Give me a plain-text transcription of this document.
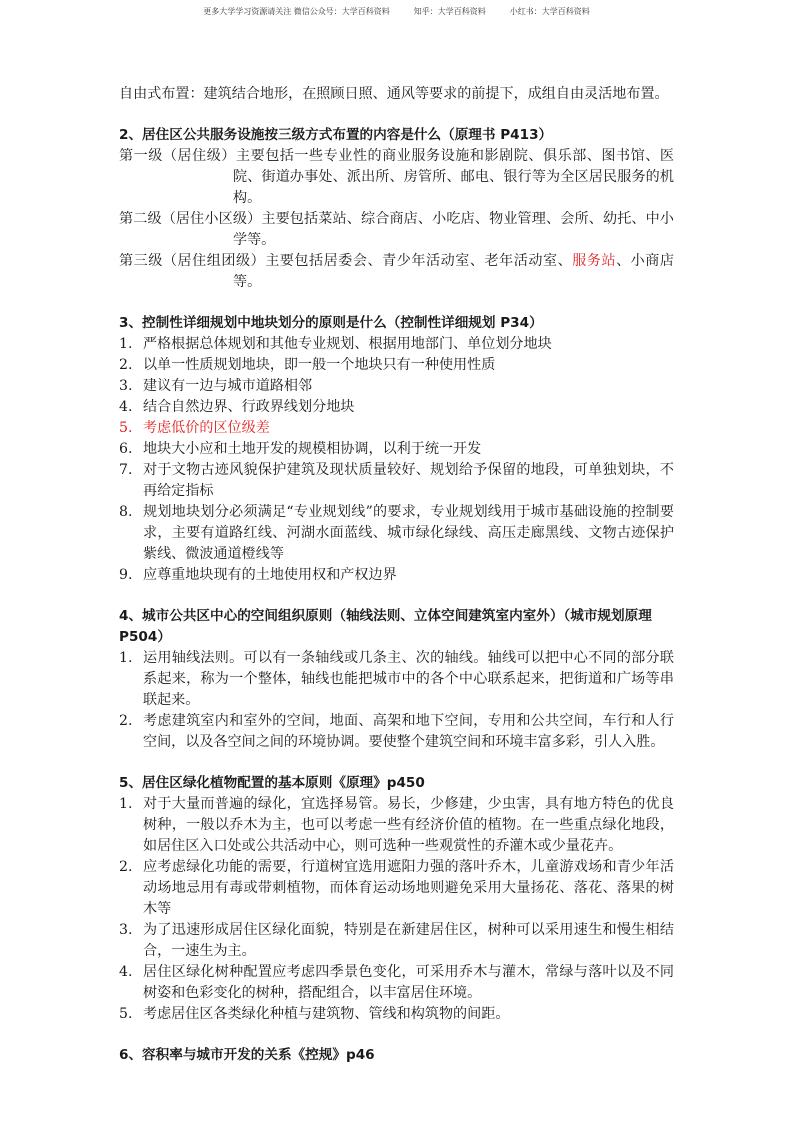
更多大学学习资源请关注 微信公众号：大学百科资料	知乎：大学百科资料	小红书：大学百科资料
自由式布置：建筑结合地形，在照顾日照、通风等要求的前提下，成组自由灵活地布置。
2、居住区公共服务设施按三级方式布置的内容是什么（原理书 P413）
第一级（居住级）主要包括一些专业性的商业服务设施和影剧院、俱乐部、图书馆、医院、街道办事处、派出所、房管所、邮电、银行等为全区居民服务的机构。
第二级（居住小区级）主要包括菜站、综合商店、小吃店、物业管理、会所、幼托、中小学等。
第三级（居住组团级）主要包括居委会、青少年活动室、老年活动室、服务站、小商店等。
3、控制性详细规划中地块划分的原则是什么（控制性详细规划 P34）
1. 严格根据总体规划和其他专业规划、根据用地部门、单位划分地块
2. 以单一性质规划地块，即一般一个地块只有一种使用性质
3. 建议有一边与城市道路相邻
4. 结合自然边界、行政界线划分地块
5. 考虑低价的区位级差
6. 地块大小应和土地开发的规模相协调，以利于统一开发
7. 对于文物古迹风貌保护建筑及现状质量较好、规划给予保留的地段，可单独划块，不再给定指标
8. 规划地块划分必须满足“专业规划线”的要求，专业规划线用于城市基础设施的控制要求，主要有道路红线、河湖水面蓝线、城市绿化绿线、高压走廊黑线、文物古迹保护紫线、微波通道橙线等
9. 应尊重地块现有的土地使用权和产权边界
4、城市公共区中心的空间组织原则（轴线法则、立体空间建筑室内室外）（城市规划原理 P504）
1. 运用轴线法则。可以有一条轴线或几条主、次的轴线。轴线可以把中心不同的部分联系起来，称为一个整体，轴线也能把城市中的各个中心联系起来，把街道和广场等串联起来。
2. 考虑建筑室内和室外的空间，地面、高架和地下空间，专用和公共空间，车行和人行空间，以及各空间之间的环境协调。要使整个建筑空间和环境丰富多彩，引人入胜。
5、居住区绿化植物配置的基本原则《原理》p450
1. 对于大量而普遍的绿化，宜选择易管。易长，少修建，少虫害，具有地方特色的优良树种，一般以乔木为主，也可以考虑一些有经济价值的植物。在一些重点绿化地段，如居住区入口处或公共活动中心，则可选种一些观赏性的乔灌木或少量花卉。
2. 应考虑绿化功能的需要，行道树宜选用遮阳力强的落叶乔木，儿童游戏场和青少年活动场地忌用有毒或带刺植物，而体育运动场地则避免采用大量扬花、落花、落果的树木等
3. 为了迅速形成居住区绿化面貌，特别是在新建居住区，树种可以采用速生和慢生相结合，一速生为主。
4. 居住区绿化树种配置应考虑四季景色变化，可采用乔木与灌木，常绿与落叶以及不同树姿和色彩变化的树种，搭配组合，以丰富居住环境。
5. 考虑居住区各类绿化种植与建筑物、管线和构筑物的间距。
6、容积率与城市开发的关系《控规》p46
